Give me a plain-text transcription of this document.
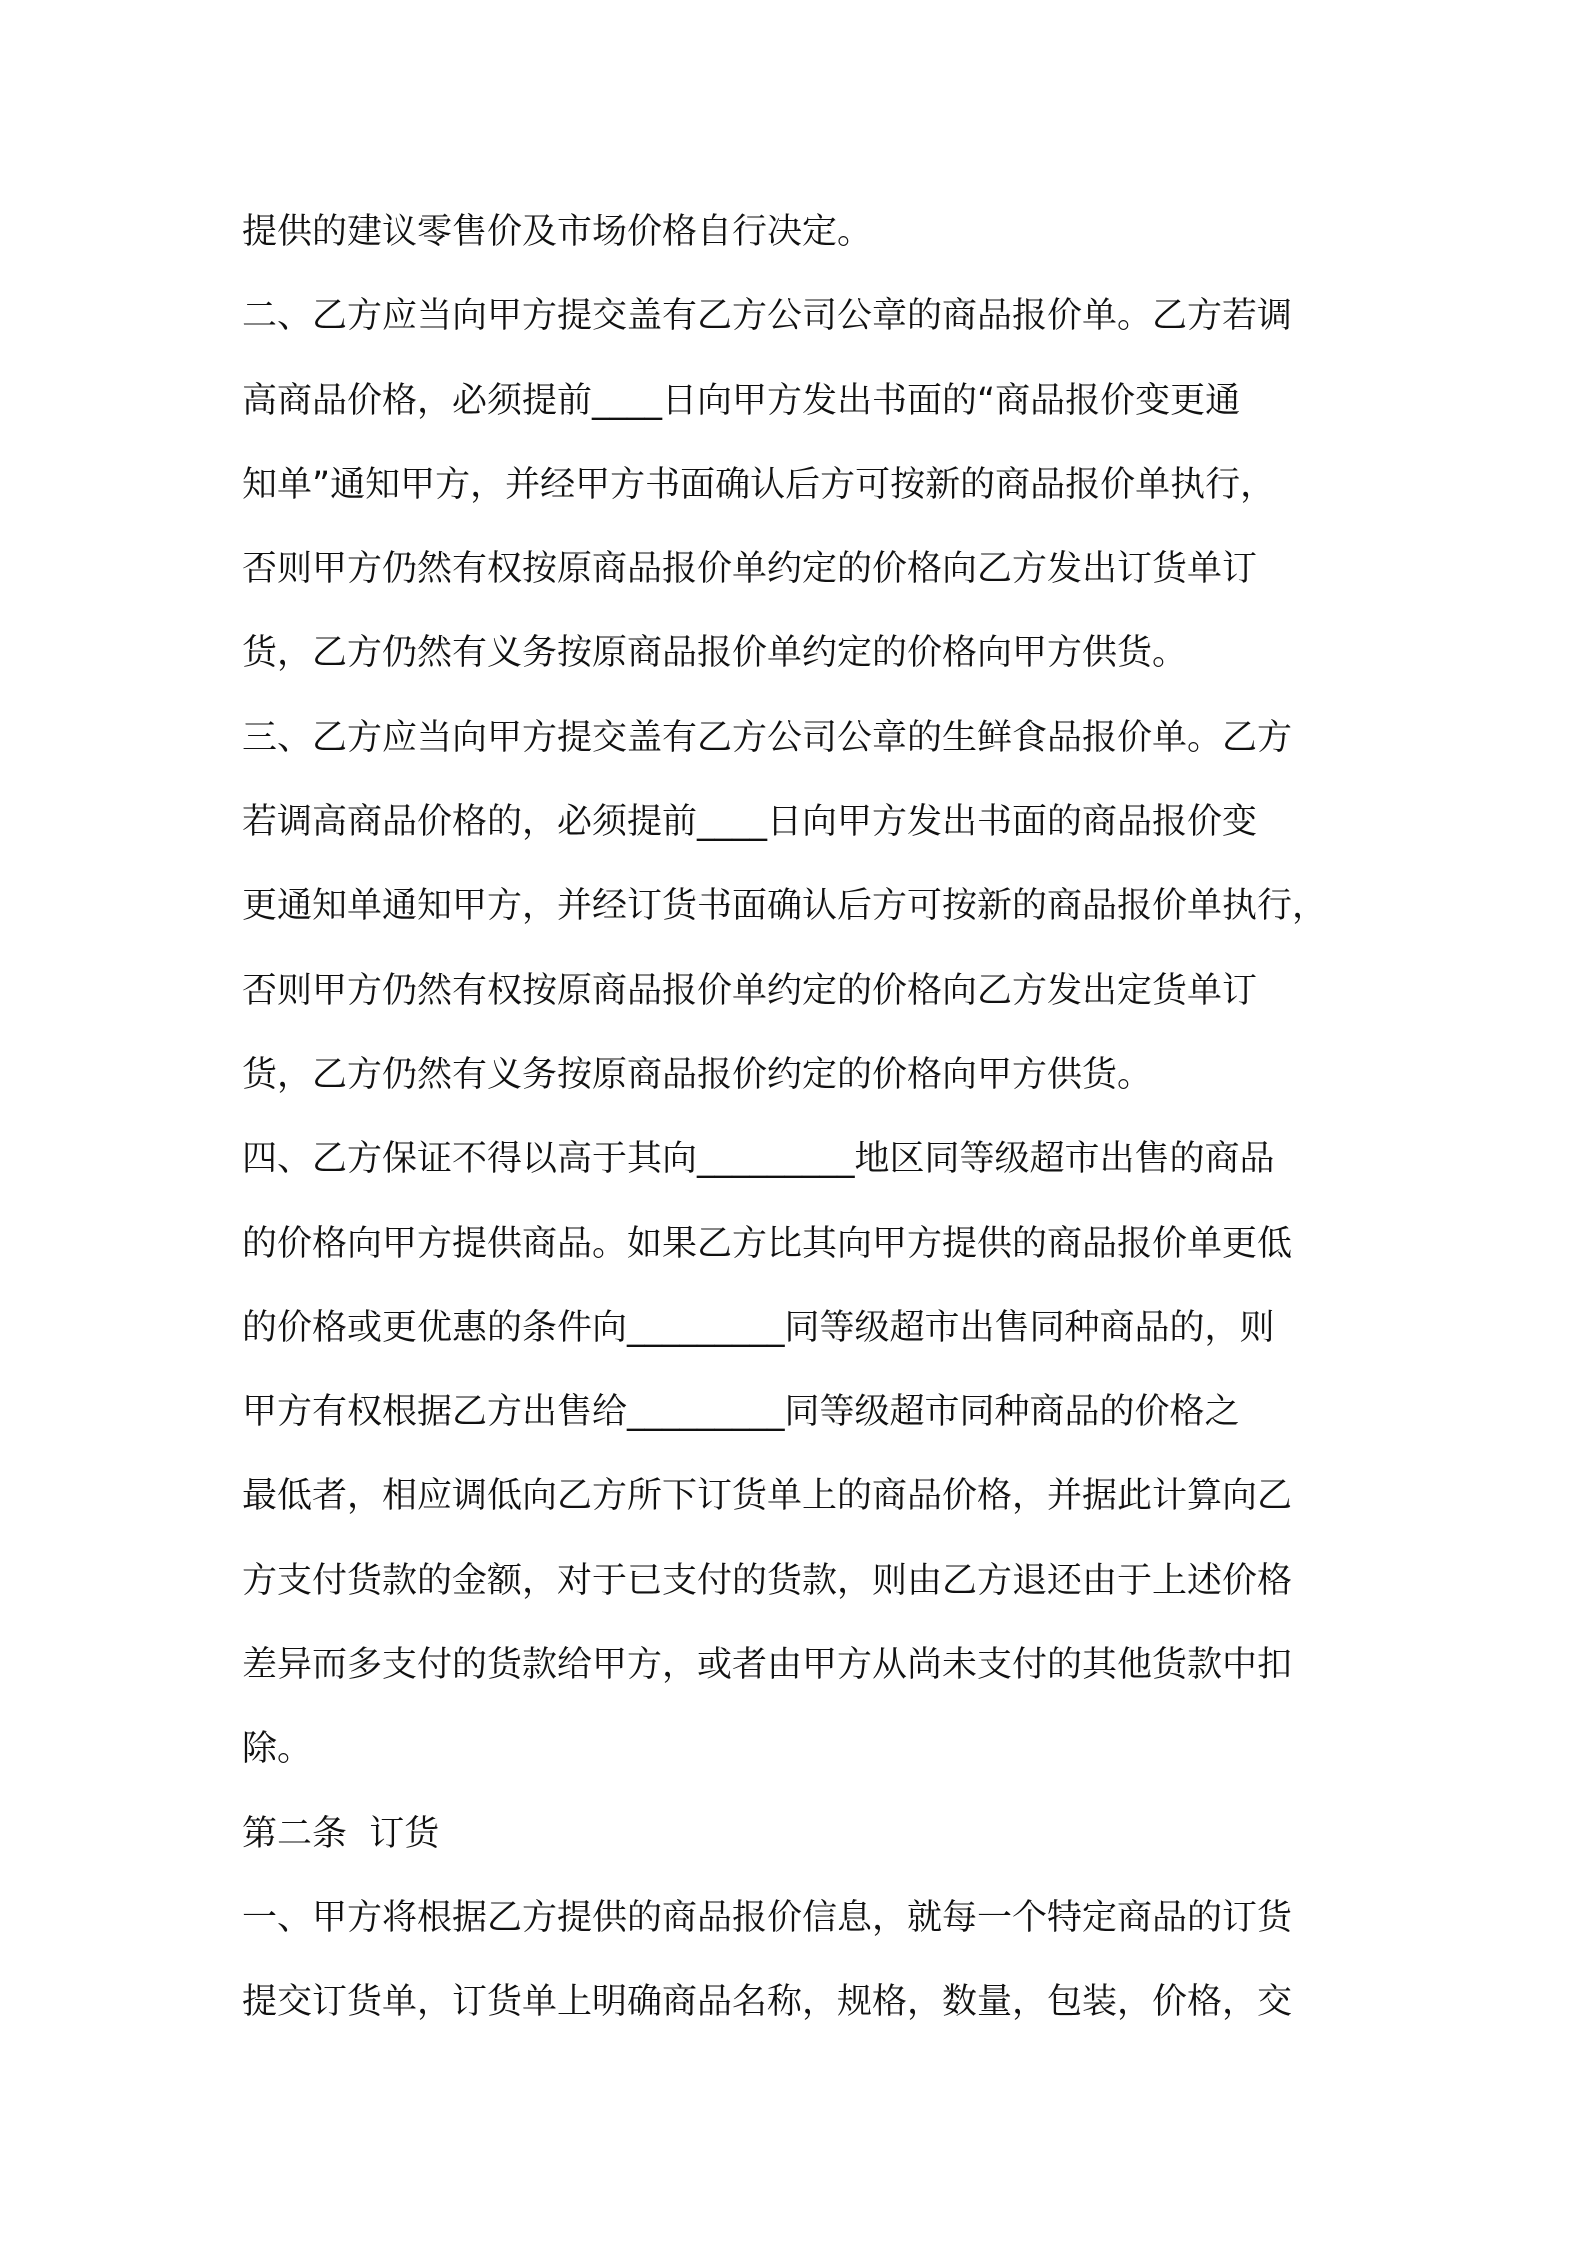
提供的建议零售价及市场价格自行决定。
二、乙方应当向甲方提交盖有乙方公司公章的商品报价单。乙方若调
高商品价格，必须提前____日向甲方发出书面的“商品报价变更通
知单”通知甲方，并经甲方书面确认后方可按新的商品报价单执行，
否则甲方仍然有权按原商品报价单约定的价格向乙方发出订货单订
货，乙方仍然有义务按原商品报价单约定的价格向甲方供货。
三、乙方应当向甲方提交盖有乙方公司公章的生鲜食品报价单。乙方
若调高商品价格的，必须提前____日向甲方发出书面的商品报价变
更通知单通知甲方，并经订货书面确认后方可按新的商品报价单执行，
否则甲方仍然有权按原商品报价单约定的价格向乙方发出定货单订
货，乙方仍然有义务按原商品报价约定的价格向甲方供货。
四、乙方保证不得以高于其向_________地区同等级超市出售的商品
的价格向甲方提供商品。如果乙方比其向甲方提供的商品报价单更低
的价格或更优惠的条件向_________同等级超市出售同种商品的，则
甲方有权根据乙方出售给_________同等级超市同种商品的价格之
最低者，相应调低向乙方所下订货单上的商品价格，并据此计算向乙
方支付货款的金额，对于已支付的货款，则由乙方退还由于上述价格
差异而多支付的货款给甲方，或者由甲方从尚未支付的其他货款中扣
除。
第二条  订货
一、甲方将根据乙方提供的商品报价信息，就每一个特定商品的订货
提交订货单，订货单上明确商品名称，规格，数量，包装，价格，交
